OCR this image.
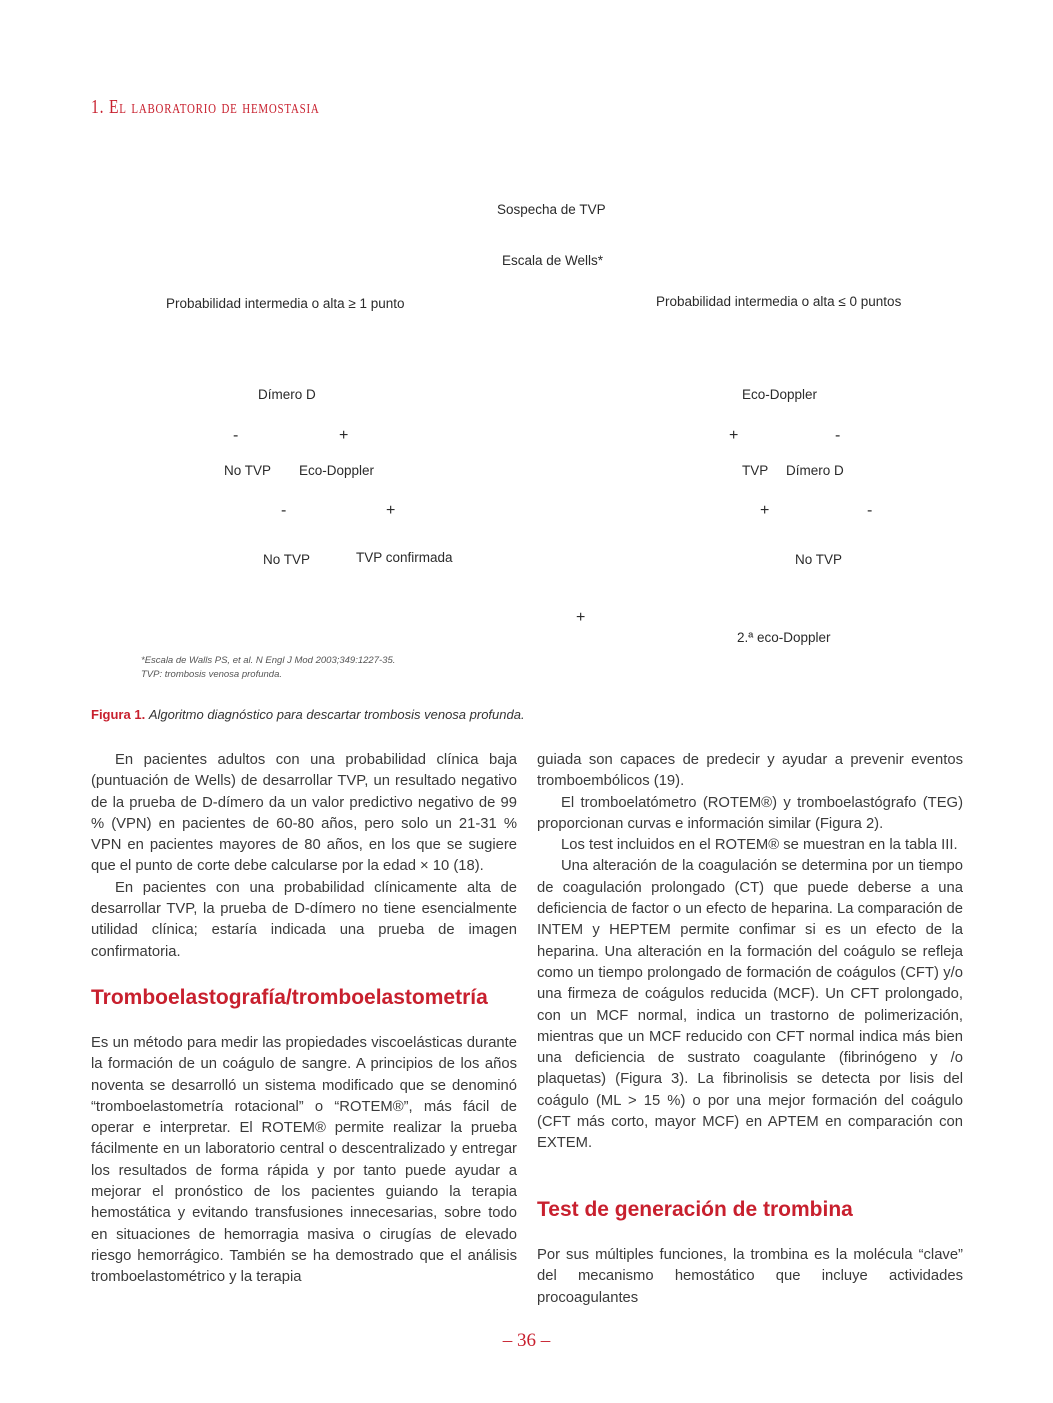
1. El laboratorio de hemostasia
Sospecha de TVP
Escala de Wells*
Probabilidad intermedia o alta ≥ 1 punto	Probabilidad intermedia o alta ≤ 0 puntos
Dímero D	Eco-Doppler
-	+	+	-
No TVP Eco-Doppler	TVP Dímero D
-	+	+	-
No TVP	TVP confirmada	No TVP
+
2.ª eco-Doppler
*Escala de Walls PS, et al. N Engl J Mod 2003;349:1227-35.
TVP: trombosis venosa profunda.
Figura 1. Algoritmo diagnóstico para descartar trombosis venosa profunda.

En pacientes adultos con una probabilidad clínica baja (puntuación de Wells) de desarrollar TVP, un resultado negativo de la prueba de D-dímero da un valor predictivo negativo de 99 % (VPN) en pacientes de 60-80 años, pero solo un 21-31 % VPN en pacientes mayores de 80 años, en los que se sugiere que el punto de corte debe calcularse por la edad × 10 (18).

En pacientes con una probabilidad clínicamente alta de desarrollar TVP, la prueba de D-dímero no tiene esencialmente utilidad clínica; estaría indicada una prueba de imagen confirmatoria.

Tromboelastografía/tromboelastometría

Es un método para medir las propiedades viscoelásticas durante la formación de un coágulo de sangre. A principios de los años noventa se desarrolló un sistema modificado que se denominó “tromboelastometría rotacional” o “ROTEM®”, más fácil de operar e interpretar. El ROTEM® permite realizar la prueba fácilmente en un laboratorio central o descentralizado y entregar los resultados de forma rápida y por tanto puede ayudar a mejorar el pronóstico de los pacientes guiando la terapia hemostática y evitando transfusiones innecesarias, sobre todo en situaciones de hemorragia masiva o cirugías de elevado riesgo hemorrágico. También se ha demostrado que el análisis tromboelastométrico y la terapia

guiada son capaces de predecir y ayudar a prevenir eventos tromboembólicos (19).

El tromboelatómetro (ROTEM®) y tromboelastógrafo (TEG) proporcionan curvas e información similar (Figura 2).

Los test incluidos en el ROTEM® se muestran en la tabla III.

Una alteración de la coagulación se determina por un tiempo de coagulación prolongado (CT) que puede deberse a una deficiencia de factor o un efecto de heparina. La comparación de INTEM y HEPTEM permite confimar si es un efecto de la heparina. Una alteración en la formación del coágulo se refleja como un tiempo prolongado de formación de coágulos (CFT) y/o una firmeza de coágulos reducida (MCF). Un CFT prolongado, con un MCF normal, indica un trastorno de polimerización, mientras que un MCF reducido con CFT normal indica más bien una deficiencia de sustrato coagulante (fibrinógeno y /o plaquetas) (Figura 3). La fibrinolisis se detecta por lisis del coágulo (ML > 15 %) o por una mejor formación del coágulo (CFT más corto, mayor MCF) en APTEM en comparación con EXTEM.

Test de generación de trombina

Por sus múltiples funciones, la trombina es la molécula “clave” del mecanismo hemostático que incluye actividades procoagulantes

– 36 –
